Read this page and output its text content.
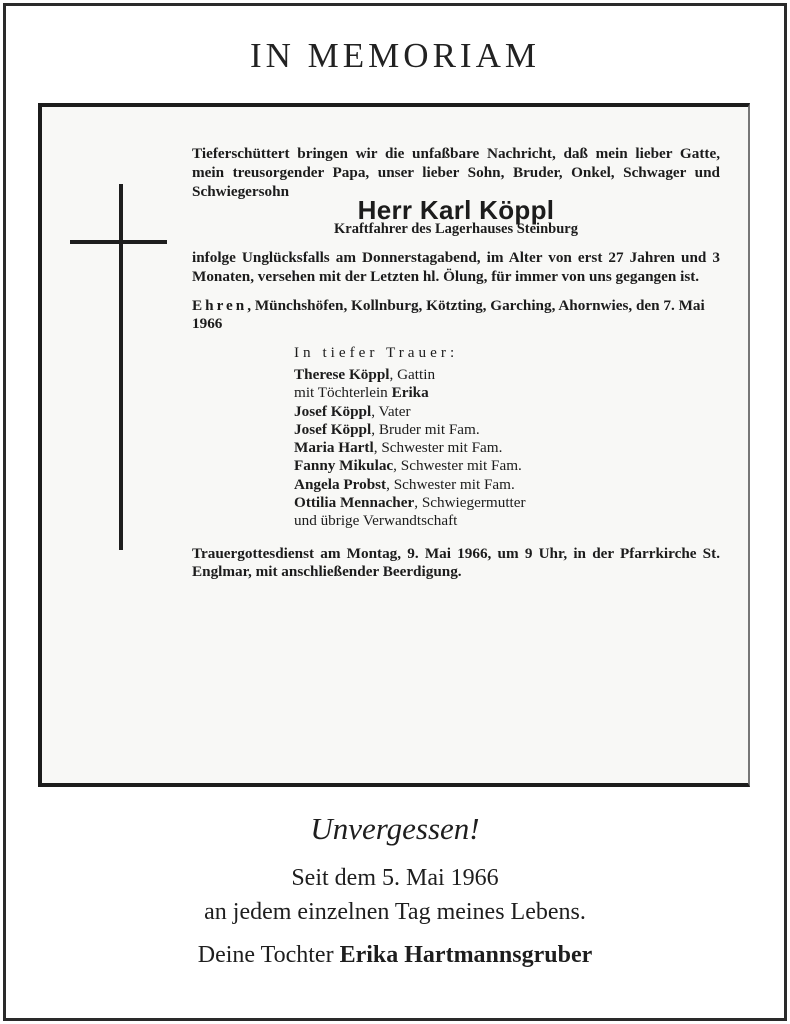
IN MEMORIAM

Tieferschüttert bringen wir die unfaßbare Nachricht, daß mein lieber Gatte, mein treusorgender Papa, unser lieber Sohn, Bruder, Onkel, Schwager und Schwiegersohn

Herr Karl Köppl

Kraftfahrer des Lagerhauses Steinburg

infolge Unglücksfalls am Donnerstagabend, im Alter von erst 27 Jahren und 3 Monaten, versehen mit der Letzten hl. Ölung, für immer von uns gegangen ist.

Ehren, Münchshöfen, Kollnburg, Kötzting, Garching, Ahornwies, den 7. Mai 1966

In tiefer Trauer:
Therese Köppl, Gattin
mit Töchterlein Erika
Josef Köppl, Vater
Josef Köppl, Bruder mit Fam.
Maria Hartl, Schwester mit Fam.
Fanny Mikulac, Schwester mit Fam.
Angela Probst, Schwester mit Fam.
Ottilia Mennacher, Schwiegermutter
und übrige Verwandtschaft

Trauergottesdienst am Montag, 9. Mai 1966, um 9 Uhr, in der Pfarrkirche St. Englmar, mit anschließender Beerdigung.

Unvergessen!
Seit dem 5. Mai 1966
an jedem einzelnen Tag meines Lebens.
Deine Tochter Erika Hartmannsgruber
